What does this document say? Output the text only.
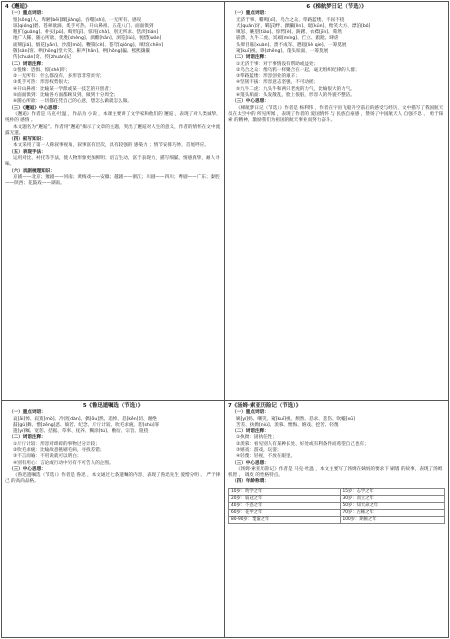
4《邂逅》
（一）重点词语：
惶[sǒng]人、卑陋[bēi]踝[jiǎng]、吞噬[shì]、一无所有、感叹
琼[qióng]碧、苍翠欲滴、炙手可热、开山鼻祖、五花八门、面面俱到
粗犷[guǎng]、朴实[pǔ]、畸形[jī]、惊诧[chà]、别无所求、恬淡[tián]
地广人稀、随心所欲、优胜[shèng]、酒酣[hān]、浏览[liú]、惋惜[wǎn]
面颊[jiá]、烟花[yān]、沙漠[mò]、鞭策[cè]、苍穹[qióng]、嗔怪[chēn]
敬[sǎn]客、哄[hōng]堂大笑、鼾声[hān]、哄[hǒng]骗、熙熙攘攘
传[chuán]奇、传[zhuàn]记
（二）词语注释：
①惶悚：恐惧、惊[shè]吓；
②一无所有：什么都没有，多形容非常贫穷；
③炙手可热：形容权势很大；
④开山鼻祖：比喻某一学派或某一技艺的开创者；
⑤面面俱到：比喻各方面都顾及到，做到十分周全；
⑥随心所欲：一切都任凭自己的心意，想怎么做就怎么做。
（三）《邂逅》中心思想：
《邂逅》作者是 马克·吐温 ，作品为 小说 ，本课主要讲了文学家和他们的 邂逅 ，表现了对人类诚挚、纯朴的 感情 。
本文题名为“邂逅”。作者用“邂逅”揭示了文章的主题，突出了邂逅对人生的意义，作者的情怀在文中流露无遗。
（四）叙写知识：
本文采用了第一人称叙事视角，叙事富有层次，具有较强的 感染力 ；情节安排巧妙，首尾呼应。
（五）表现手法：
运用对比、衬托等手法，使人物形象更加鲜明；语言生动，富于表现力，描写细腻，情感真挚，耐人寻味。
（六）戏剧梳理知识：
京剧——北京；豫剧——河南；黄梅戏——安徽；越剧——浙江；川剧——四川；粤剧——广东；秦腔——陕西；花鼓戏——湖南。
6《梯航梦日记（节选）》
（一）重点词语：
无济于事、嘶鸣[sī]、乌合之众、筚路蓝缕、不屈不挠
犬[quǎn]牙、羁[jī]绊、蹂躏[lìn]、琨[kūn]、贻笑大方、漂泊[bó]
嗔怒、眺望[tiào]、惊愕[è]、踌躇、衣襟[jīn]、蓦然
崩溃、九牛二虎、冥顽[míng]、伫立、踉跄、肆虐
头晕目眩[xuàn]、溃不成军、趔趄[liè qie]、一筹莫展
窥[kuī]视、铮[zhēng]、蓬头垢面、一筹莫展
（二）词语注释：
①无济于事：对于事情没有帮助或益处；
②乌合之众：像乌鸦一样聚合在一起，毫无组织纪律的人群；
③筚路蓝缕：形容创业的艰辛；
④坚韧不拔：形容意志坚强，不可动摇；
⑤九牛二虎：九头牛和两只老虎的力气，比喻很大的力气。
⑥蓬头垢面：头发散乱，脸上很脏，形容人的外貌不整洁。
（三）中心思想：
《梯航梦日记（节选）》作者是 杨利伟 ，作者在宇宙飞船升空前后的感受与经历，文中描写了我国航天员在太空中的 所见所闻 ，表现了作者的 爱国情怀 与 民族自豪感 ，赞扬了中国航天人 自强不息 、 勇于探索 的精神，激励我们为祖国的航天事业而努力奋斗。
5《鲁迅遗嘱选（节选）》
（一）重点词语：
哀[āi]悼、寂寞[mò]、冷淡[dàn]、偶[ǒu]然、追悼、恳[kěn]切、谢绝
鼓[gǔ]舞、憎[zēng]恶、倘若、纪念、斤斤计较、吹毛求疵、恕[shù]罪
遗[yí]嘱、宽恕、拮据、草率、抚养、糊涂[tú]、敷衍、宗旨、阻挠
（二）词语注释：
①斤斤计较：形容对琐碎的事物过分计较；
②吹毛求疵：比喻故意挑剔毛病，寻找差错；
③不言而喻：不用说就可以明白；
④别有用心：言论或行动中另有不可告人的企图。
（三）中心思想：
《鲁迅遗嘱选（节选）》作者是 鲁迅 ，本文通过七条遗嘱的内容，表现了鲁迅先生 爱憎分明 、 严于律己 的高尚品格。
7《汤姆·索亚历险记（节选）》
（一）重点词语：
姨[yí]妈、嘲笑、窥[kuī]视、颓然、恳求、悲伤、吹嘘[xū]
苦差、执拗[niù]、羡慕、懊悔、嬉戏、挖苦、轻蔑
（二）词语注释：
①执拗：固执任性；
②羡慕：看见别人有某种长处、好处或有利条件而希望自己也有；
③嬉戏：游戏，玩耍；
④轻蔑：轻视，不放在眼里。
（三）中心思想：
《汤姆·索亚历险记》作者是 马克·吐温 ，本文主要写了汤姆在姨妈的要求下 刷墙 的故事，表现了汤姆 机智 、 调皮 的性格特点。
（四）年龄称谓：
10岁：幼学之年	15岁：志学之年
20岁：弱冠之年	30岁：而立之年
40岁：不惑之年	50岁：知天命之年
60岁：花甲之年	70岁：古稀之年
80-90岁：耄耋之年	100岁：期颐之年
